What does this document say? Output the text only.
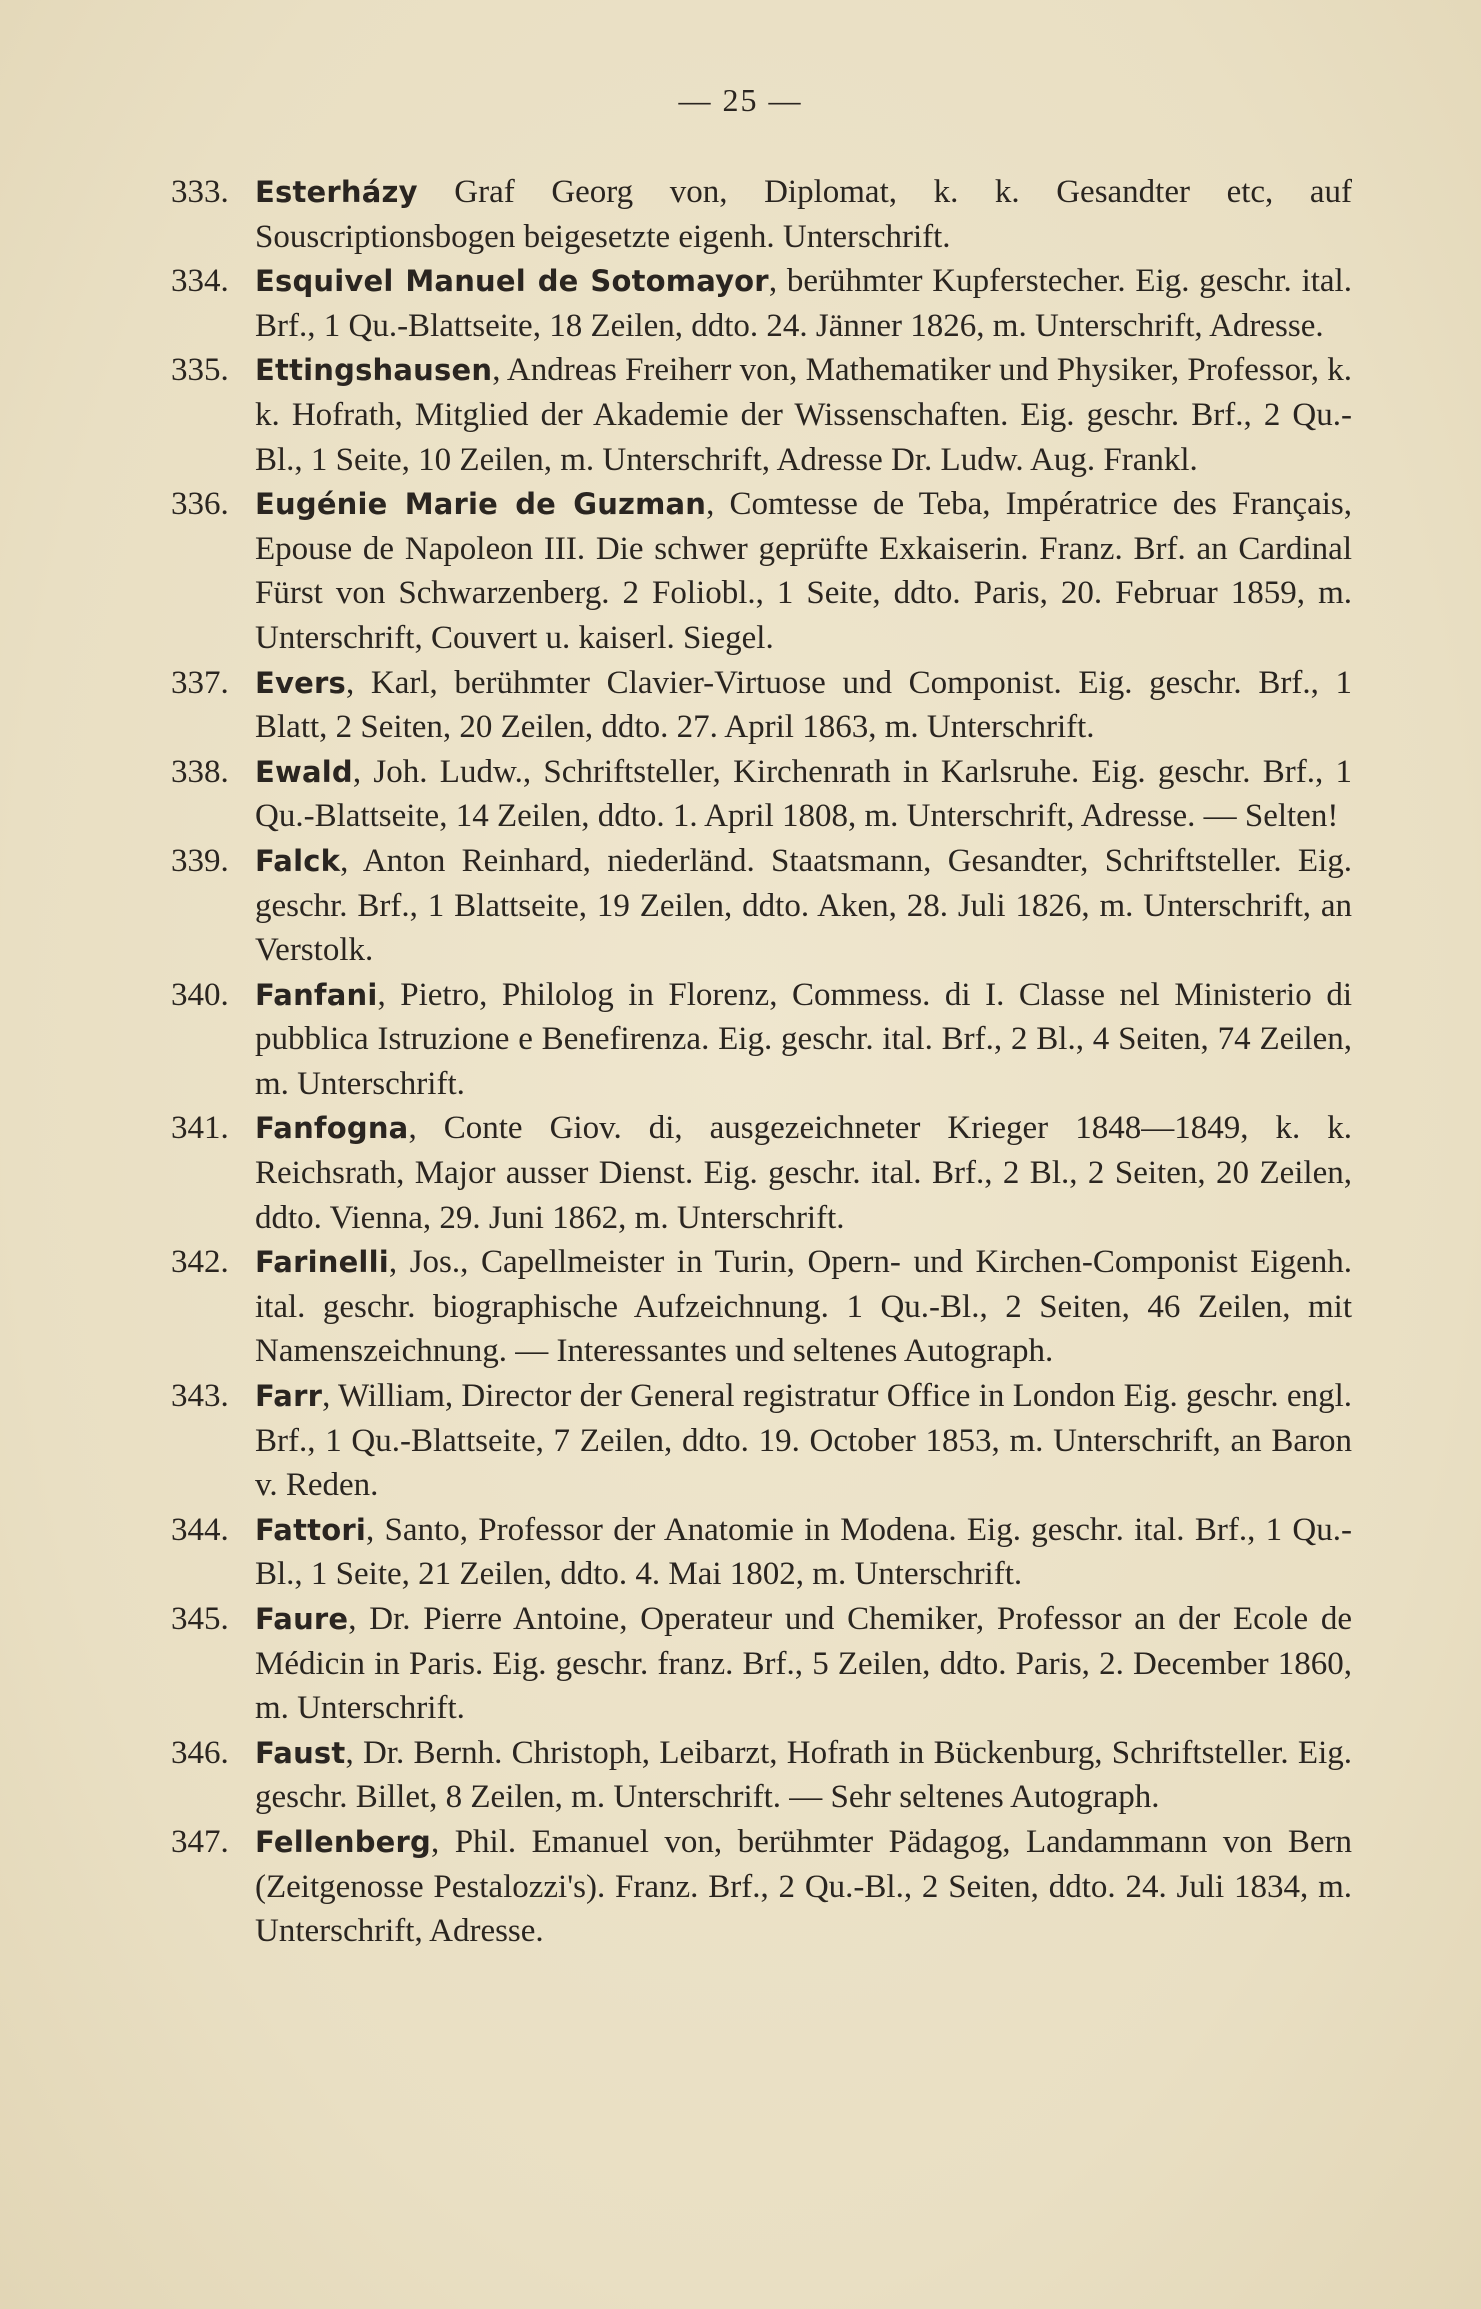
— 25 —
333. Esterházy Graf Georg von, Diplomat, k. k. Gesandter etc, auf Souscriptionsbogen beigesetzte eigenh. Unterschrift.
334. Esquivel Manuel de Sotomayor, berühmter Kupferstecher. Eig. geschr. ital. Brf., 1 Qu.-Blattseite, 18 Zeilen, ddto. 24. Jänner 1826, m. Unterschrift, Adresse.
335. Ettingshausen, Andreas Freiherr von, Mathematiker und Physiker, Professor, k. k. Hofrath, Mitglied der Akademie der Wissenschaften. Eig. geschr. Brf., 2 Qu.-Bl., 1 Seite, 10 Zeilen, m. Unterschrift, Adresse Dr. Ludw. Aug. Frankl.
336. Eugénie Marie de Guzman, Comtesse de Teba, Impératrice des Français, Epouse de Napoleon III. Die schwer geprüfte Exkaiserin. Franz. Brf. an Cardinal Fürst von Schwarzenberg. 2 Foliobl., 1 Seite, ddto. Paris, 20. Februar 1859, m. Unterschrift, Couvert u. kaiserl. Siegel.
337. Evers, Karl, berühmter Clavier-Virtuose und Componist. Eig. geschr. Brf., 1 Blatt, 2 Seiten, 20 Zeilen, ddto. 27. April 1863, m. Unterschrift.
338. Ewald, Joh. Ludw., Schriftsteller, Kirchenrath in Karlsruhe. Eig. geschr. Brf., 1 Qu.-Blattseite, 14 Zeilen, ddto. 1. April 1808, m. Unterschrift, Adresse. — Selten!
339. Falck, Anton Reinhard, niederländ. Staatsmann, Gesandter, Schriftsteller. Eig. geschr. Brf., 1 Blattseite, 19 Zeilen, ddto. Aken, 28. Juli 1826, m. Unterschrift, an Verstolk.
340. Fanfani, Pietro, Philolog in Florenz, Commess. di I. Classe nel Ministerio di pubblica Istruzione e Benefirenza. Eig. geschr. ital. Brf., 2 Bl., 4 Seiten, 74 Zeilen, m. Unterschrift.
341. Fanfogna, Conte Giov. di, ausgezeichneter Krieger 1848—1849, k. k. Reichsrath, Major ausser Dienst. Eig. geschr. ital. Brf., 2 Bl., 2 Seiten, 20 Zeilen, ddto. Vienna, 29. Juni 1862, m. Unterschrift.
342. Farinelli, Jos., Capellmeister in Turin, Opern- und Kirchen-Componist Eigenh. ital. geschr. biographische Aufzeichnung. 1 Qu.-Bl., 2 Seiten, 46 Zeilen, mit Namenszeichnung. — Interessantes und seltenes Autograph.
343. Farr, William, Director der General registratur Office in London Eig. geschr. engl. Brf., 1 Qu.-Blattseite, 7 Zeilen, ddto. 19. October 1853, m. Unterschrift, an Baron v. Reden.
344. Fattori, Santo, Professor der Anatomie in Modena. Eig. geschr. ital. Brf., 1 Qu.-Bl., 1 Seite, 21 Zeilen, ddto. 4. Mai 1802, m. Unterschrift.
345. Faure, Dr. Pierre Antoine, Operateur und Chemiker, Professor an der Ecole de Médicin in Paris. Eig. geschr. franz. Brf., 5 Zeilen, ddto. Paris, 2. December 1860, m. Unterschrift.
346. Faust, Dr. Bernh. Christoph, Leibarzt, Hofrath in Bückenburg, Schriftsteller. Eig. geschr. Billet, 8 Zeilen, m. Unterschrift. — Sehr seltenes Autograph.
347. Fellenberg, Phil. Emanuel von, berühmter Pädagog, Landammann von Bern (Zeitgenosse Pestalozzi's). Franz. Brf., 2 Qu.-Bl., 2 Seiten, ddto. 24. Juli 1834, m. Unterschrift, Adresse.
